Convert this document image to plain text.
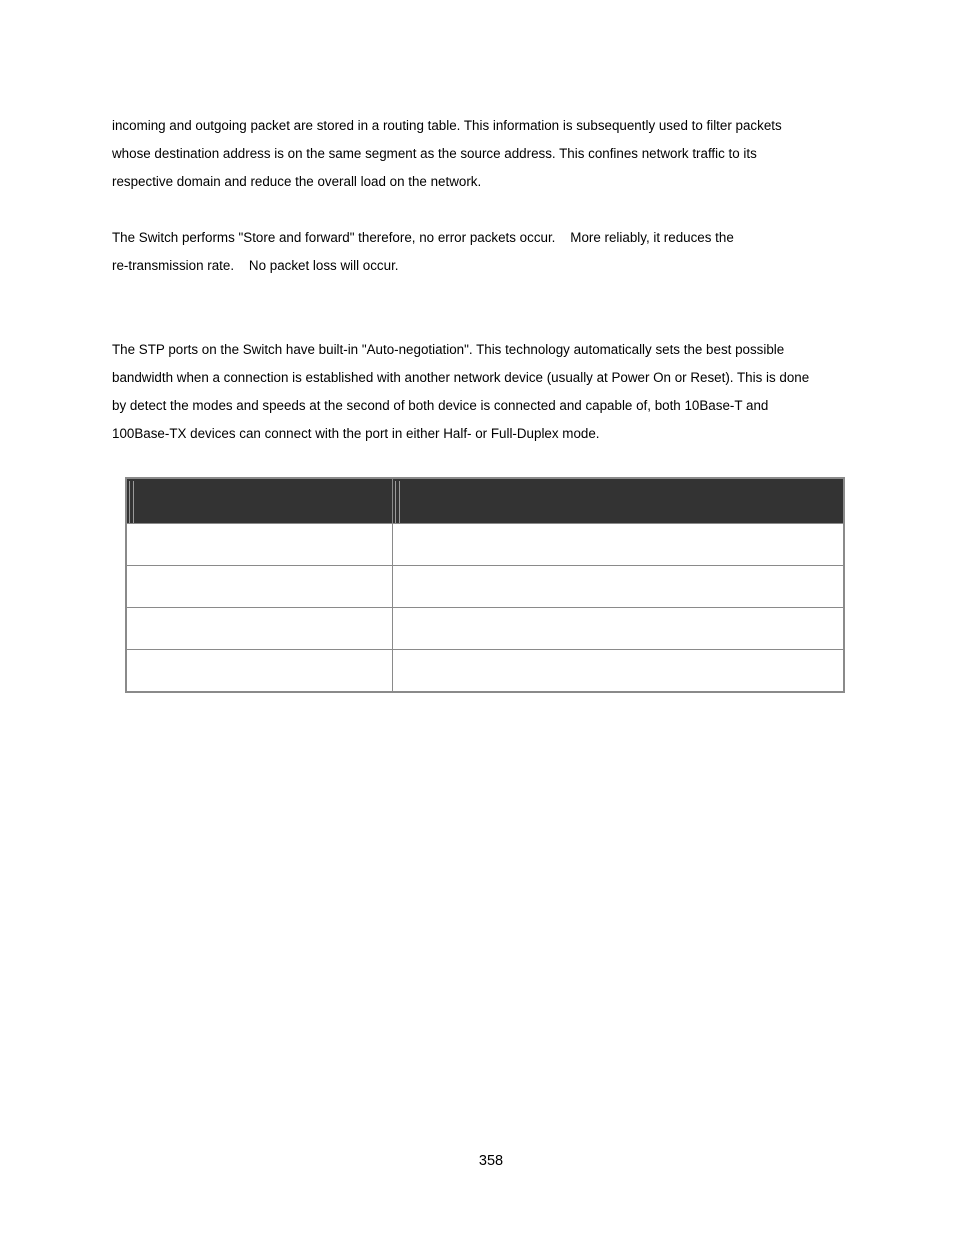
incoming and outgoing packet are stored in a routing table. This information is subsequently used to filter packets
whose destination address is on the same segment as the source address. This confines network traffic to its
respective domain and reduce the overall load on the network.
The Switch performs "Store and forward" therefore, no error packets occur.    More reliably, it reduces the
re-transmission rate.    No packet loss will occur.
The STP ports on the Switch have built-in "Auto-negotiation". This technology automatically sets the best possible
bandwidth when a connection is established with another network device (usually at Power On or Reset). This is done
by detect the modes and speeds at the second of both device is connected and capable of, both 10Base-T and
100Base-TX devices can connect with the port in either Half- or Full-Duplex mode.

358
